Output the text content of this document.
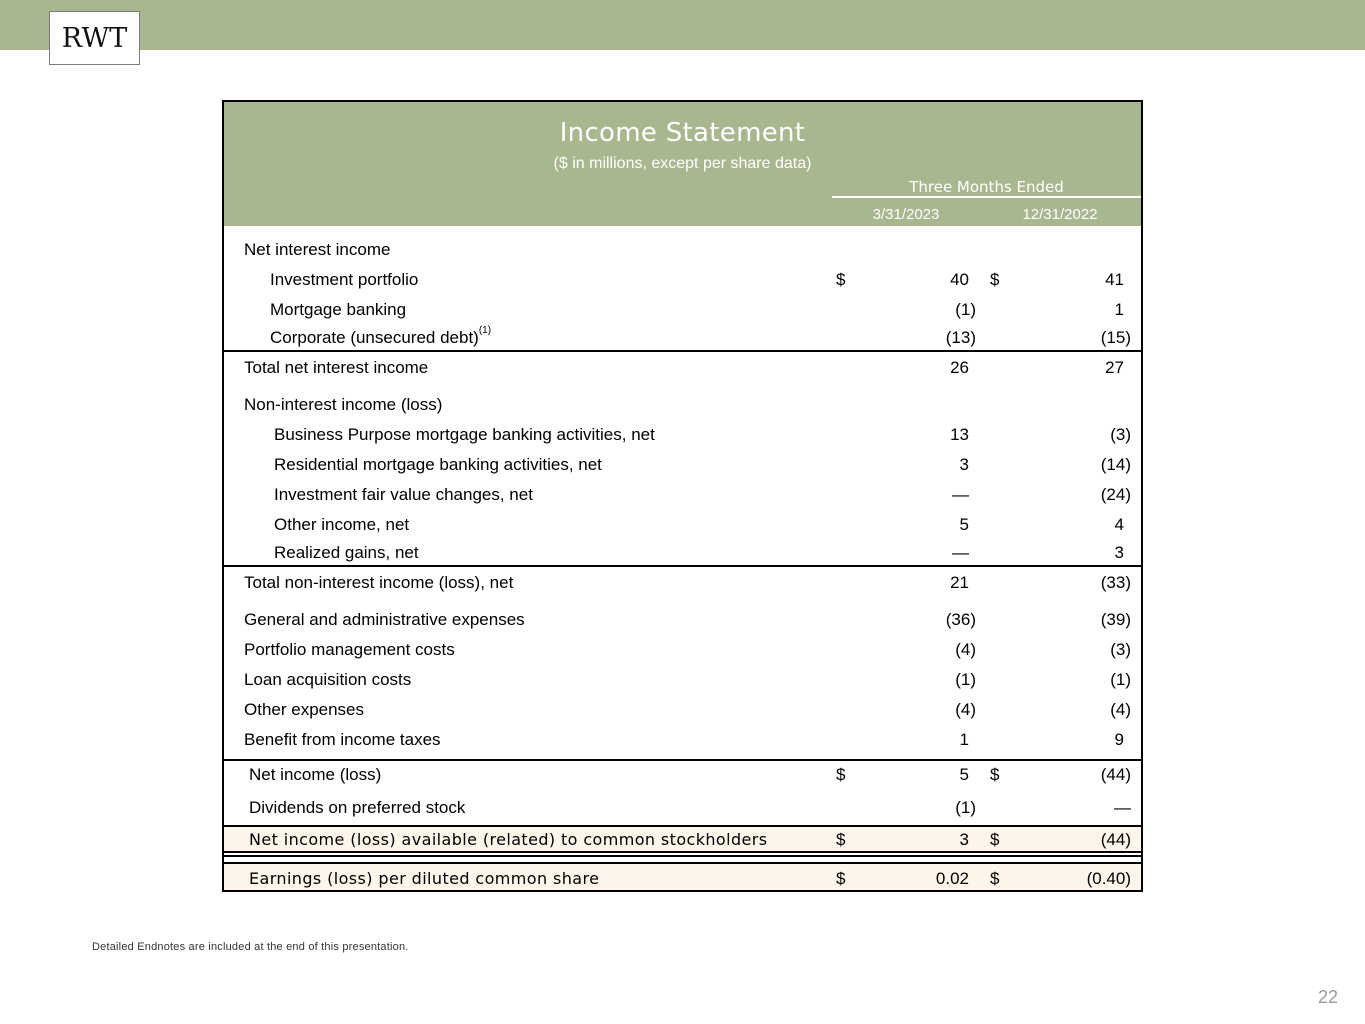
RWT
Income Statement
($ in millions, except per share data)
Three Months Ended
3/31/2023	12/31/2022
Net interest income
Investment portfolio	$	40	$	41
Mortgage banking	(1)	1
Corporate (unsecured debt)$^{(1)}$	(13)	(15)
Total net interest income	26	27
Non-interest income (loss)
Business Purpose mortgage banking activities, net	13	(3)
Residential mortgage banking activities, net	3	(14)
Investment fair value changes, net	—	(24)
Other income, net	5	4
Realized gains, net	—	3
Total non-interest income (loss), net	21	(33)
General and administrative expenses	(36)	(39)
Portfolio management costs	(4)	(3)
Loan acquisition costs	(1)	(1)
Other expenses	(4)	(4)
Benefit from income taxes	1	9
Net income (loss)	$	5	$	(44)
Dividends on preferred stock	(1)	—
Net income (loss) available (related) to common stockholders	$	3	$	(44)
Earnings (loss) per diluted common share	$	0.02	$	(0.40)
Detailed Endnotes are included at the end of this presentation.
22
